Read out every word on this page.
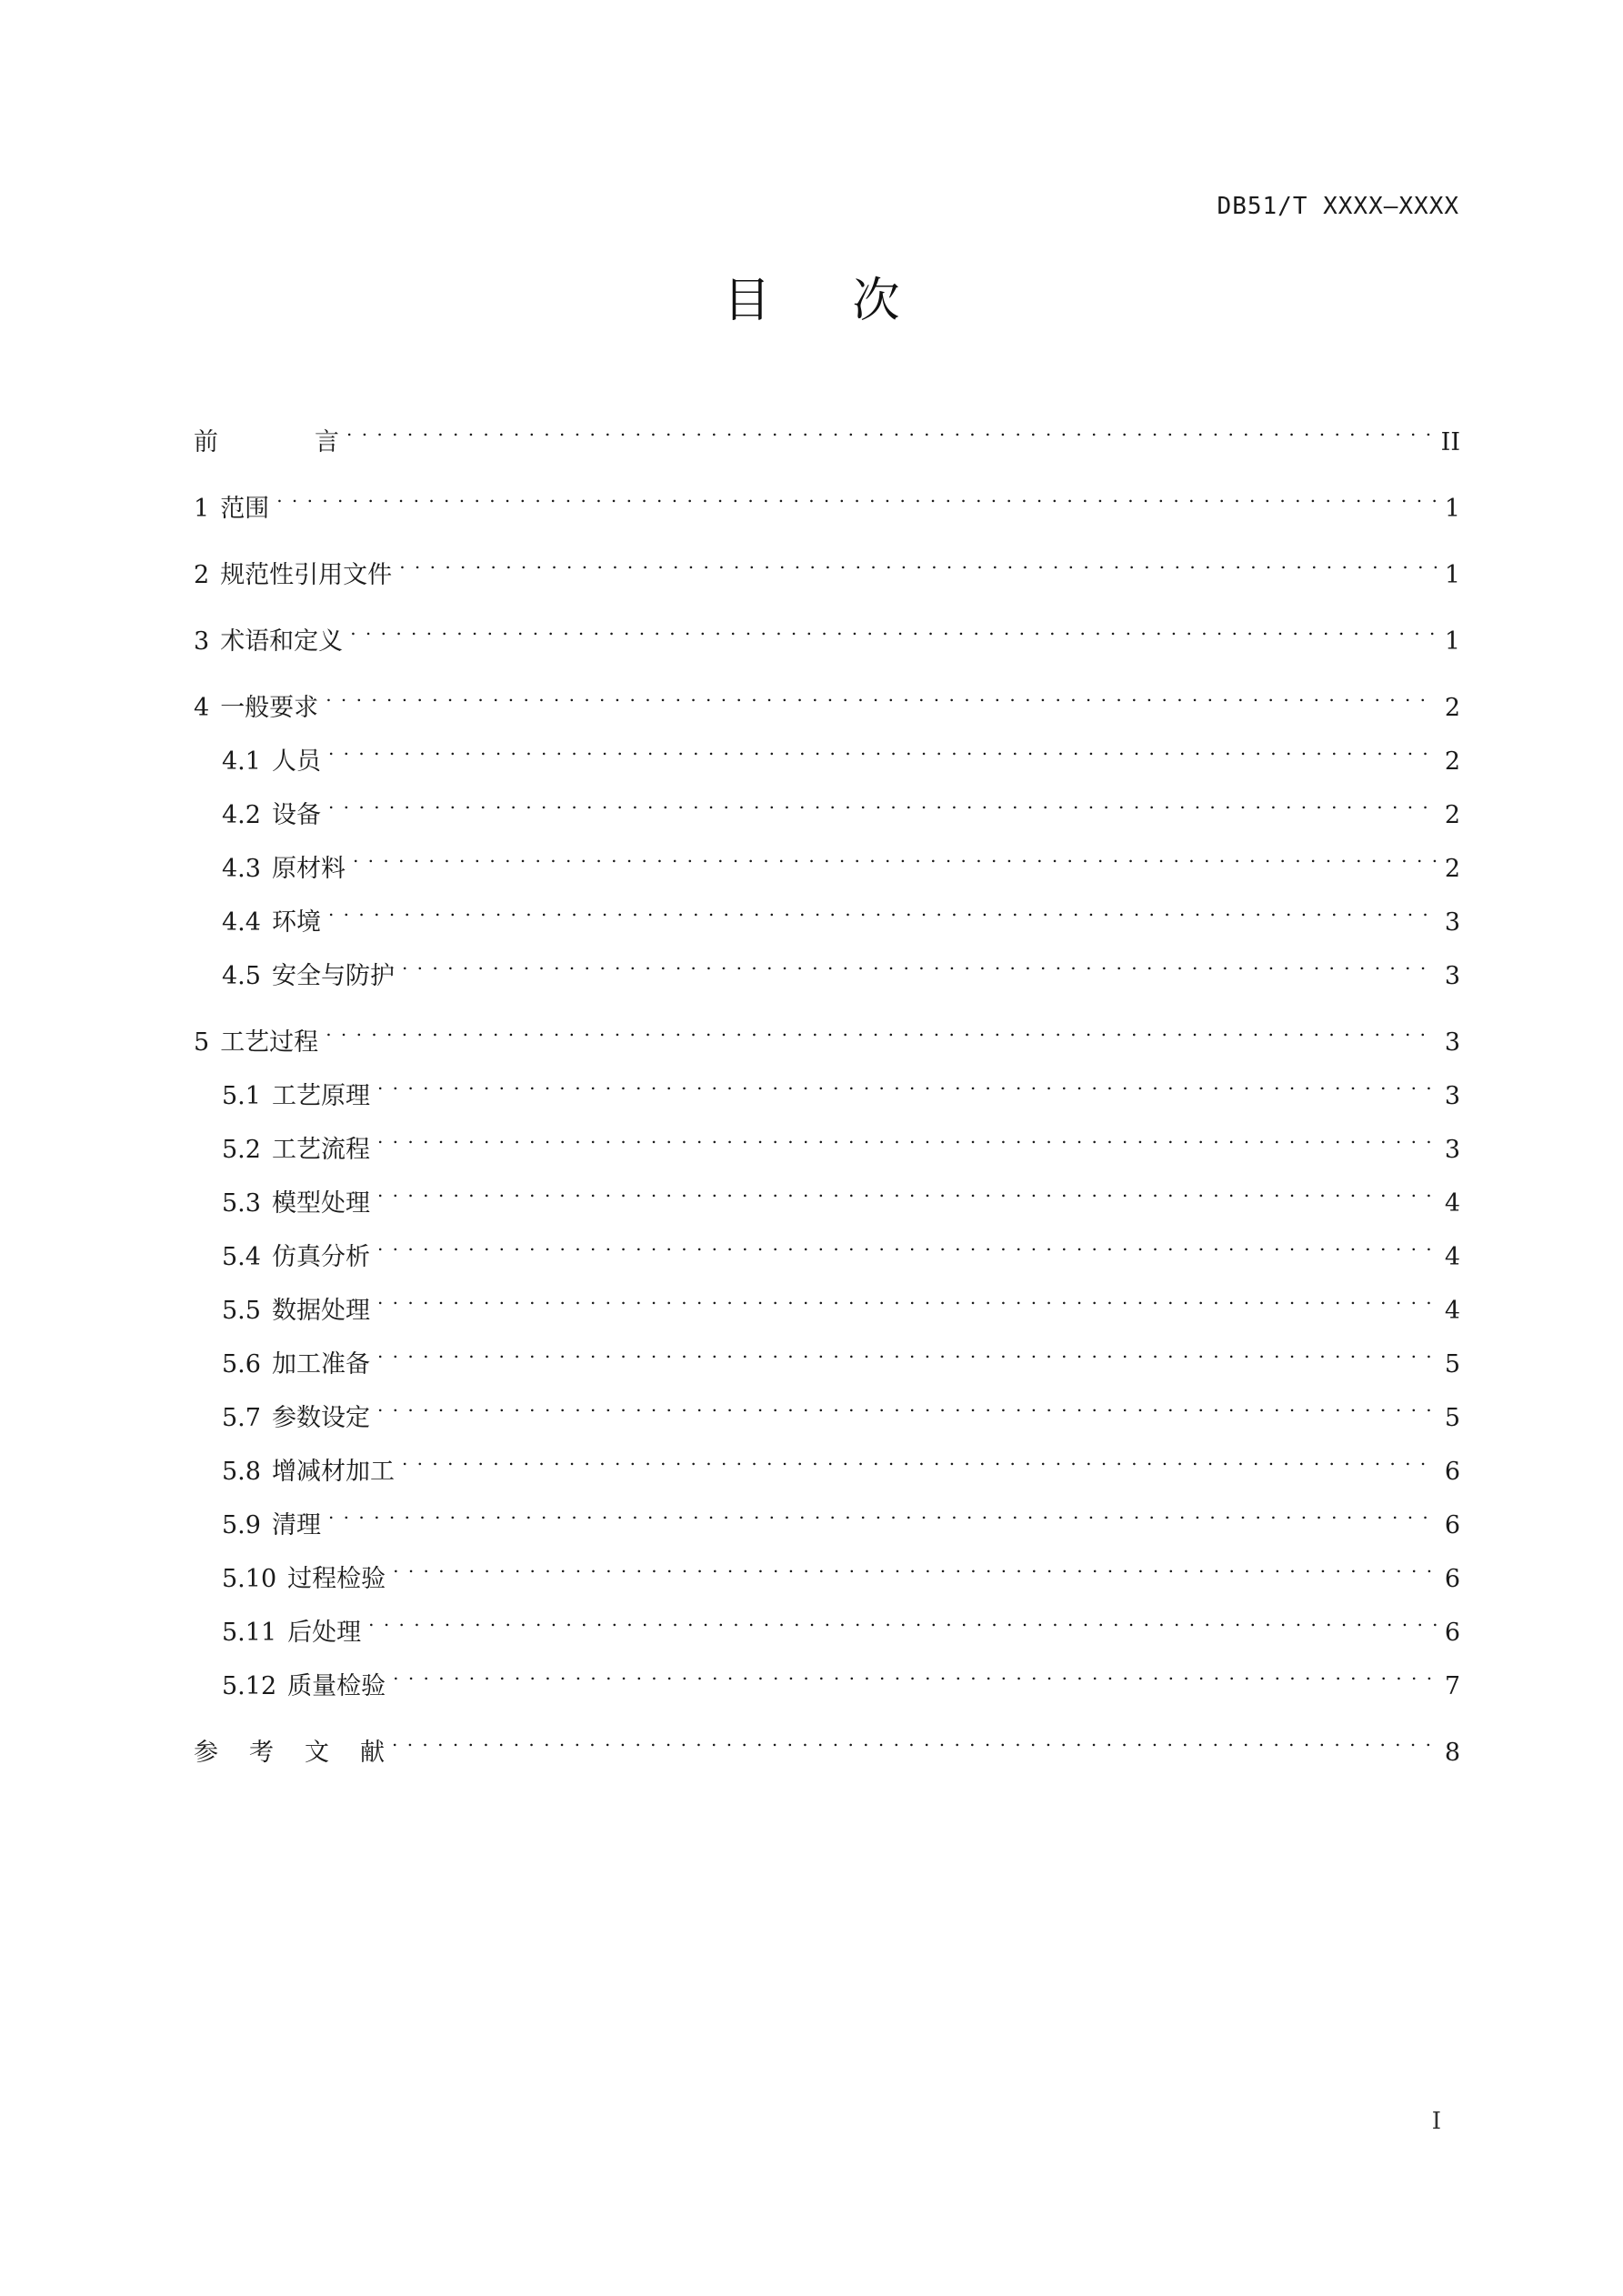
DB51/T XXXX—XXXX
目 次
前	言 . . .	II
1 范围 . . .	1
2 规范性引用文件 . . .	1
3 术语和定义 . . .	1
4 一般要求 . . .	2
4.1 人员 . . .	2
4.2 设备 . . .	2
4.3 原材料 . . .	2
4.4 环境 . . .	3
4.5 安全与防护 . . .	3
5 工艺过程 . . .	3
5.1 工艺原理 . . .	3
5.2 工艺流程 . . .	3
5.3 模型处理 . . .	4
5.4 仿真分析 . . .	4
5.5 数据处理 . . .	4
5.6 加工准备 . . .	5
5.7 参数设定 . . .	5
5.8 增减材加工 . . .	6
5.9 清理 . . .	6
5.10 过程检验 . . .	6
5.11 后处理 . . .	6
5.12 质量检验 . . .	7
参 考 文 献 . . .	8
I
